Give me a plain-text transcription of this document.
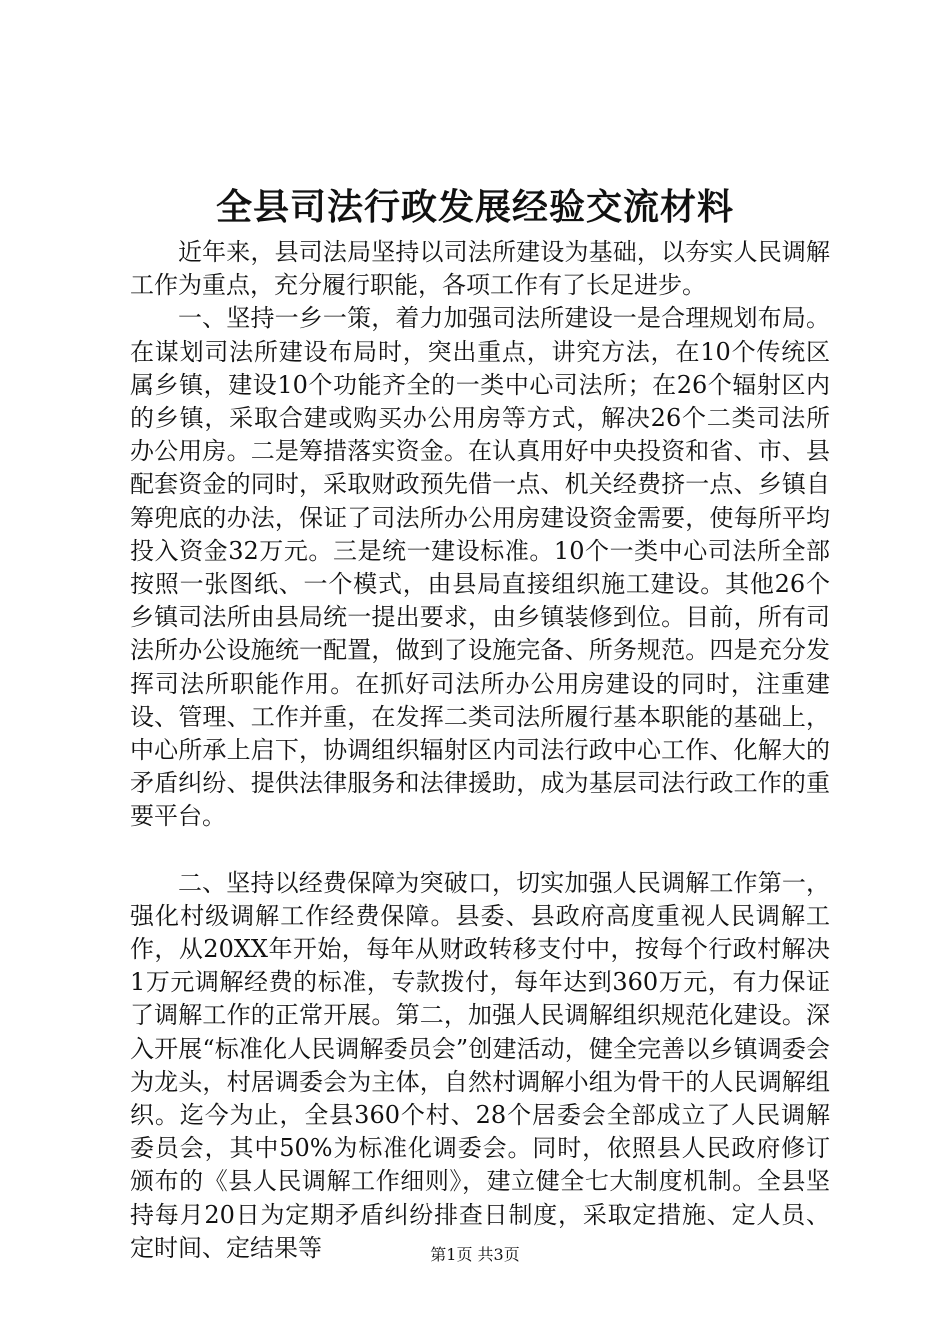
全县司法行政发展经验交流材料

近年来，县司法局坚持以司法所建设为基础，以夯实人民调解工作为重点，充分履行职能，各项工作有了长足进步。

一、坚持一乡一策，着力加强司法所建设一是合理规划布局。在谋划司法所建设布局时，突出重点，讲究方法，在10个传统区属乡镇，建设10个功能齐全的一类中心司法所；在26个辐射区内的乡镇，采取合建或购买办公用房等方式，解决26个二类司法所办公用房。二是筹措落实资金。在认真用好中央投资和省、市、县配套资金的同时，采取财政预先借一点、机关经费挤一点、乡镇自筹兜底的办法，保证了司法所办公用房建设资金需要，使每所平均投入资金32万元。三是统一建设标准。10个一类中心司法所全部按照一张图纸、一个模式，由县局直接组织施工建设。其他26个乡镇司法所由县局统一提出要求，由乡镇装修到位。目前，所有司法所办公设施统一配置，做到了设施完备、所务规范。四是充分发挥司法所职能作用。在抓好司法所办公用房建设的同时，注重建设、管理、工作并重，在发挥二类司法所履行基本职能的基础上，中心所承上启下，协调组织辐射区内司法行政中心工作、化解大的矛盾纠纷、提供法律服务和法律援助，成为基层司法行政工作的重要平台。

二、坚持以经费保障为突破口，切实加强人民调解工作第一，强化村级调解工作经费保障。县委、县政府高度重视人民调解工作，从20XX年开始，每年从财政转移支付中，按每个行政村解决1万元调解经费的标准，专款拨付，每年达到360万元，有力保证了调解工作的正常开展。第二，加强人民调解组织规范化建设。深入开展“标准化人民调解委员会”创建活动，健全完善以乡镇调委会为龙头，村居调委会为主体，自然村调解小组为骨干的人民调解组织。迄今为止，全县360个村、28个居委会全部成立了人民调解委员会，其中50%为标准化调委会。同时，依照县人民政府修订颁布的《县人民调解工作细则》，建立健全七大制度机制。全县坚持每月20日为定期矛盾纠纷排查日制度，采取定措施、定人员、定时间、定结果等	第1页 共3页
